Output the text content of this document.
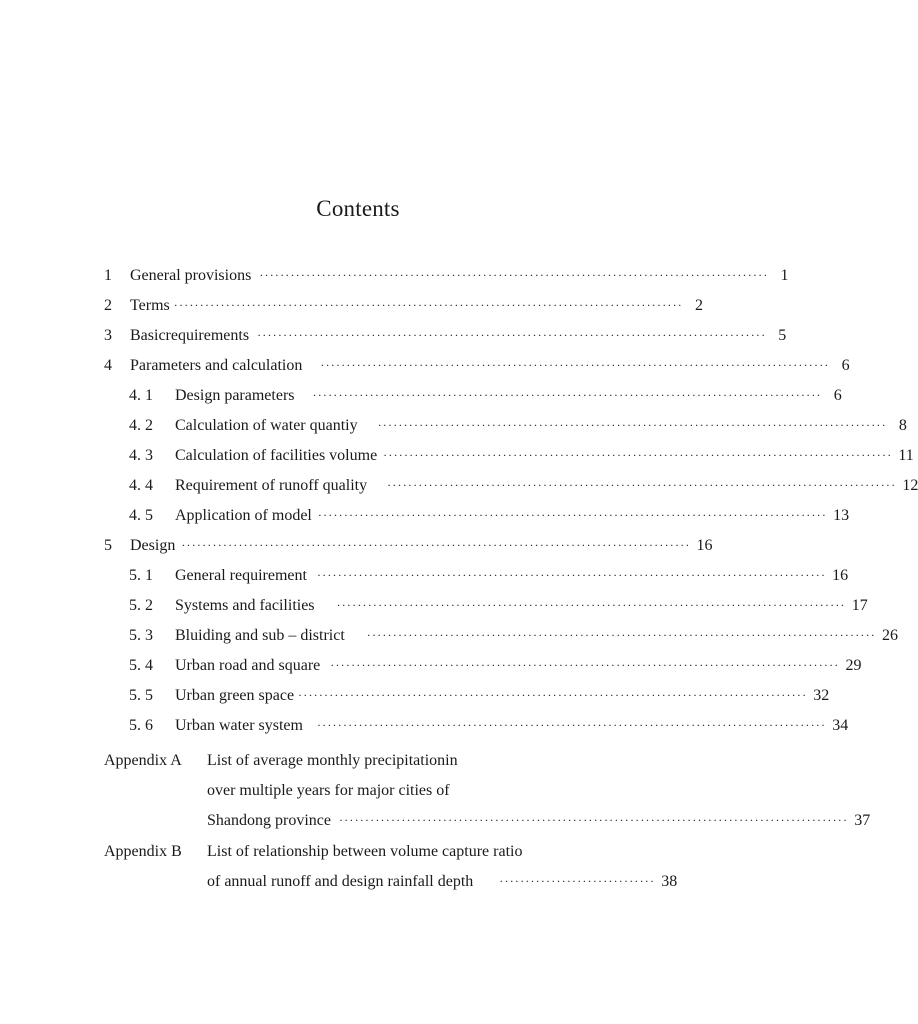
Contents
1	General provisions ·································································································· 1
2	Terms ·································································································· 2
3	Basicrequirements ·································································································· 5
4	Parameters and calculation ·································································································· 6
4. 1	Design parameters ·································································································· 6
4. 2	Calculation of water quantiy ·································································································· 8
4. 3	Calculation of facilities volume ·································································································· 11
4. 4	Requirement of runoff quality ·································································································· 12
4. 5	Application of model ·································································································· 13
5	Design ·································································································· 16
5. 1	General requirement ·································································································· 16
5. 2	Systems and facilities ·································································································· 17
5. 3	Bluiding and sub – district ·································································································· 26
5. 4	Urban road and square ·································································································· 29
5. 5	Urban green space ·································································································· 32
5. 6	Urban water system ·································································································· 34
Appendix A List of average monthly precipitationin
over multiple years for major cities of
Shandong province ·································································································· 37
Appendix B List of relationship between volume capture ratio
of annual runoff and design rainfall depth ······························ 38
